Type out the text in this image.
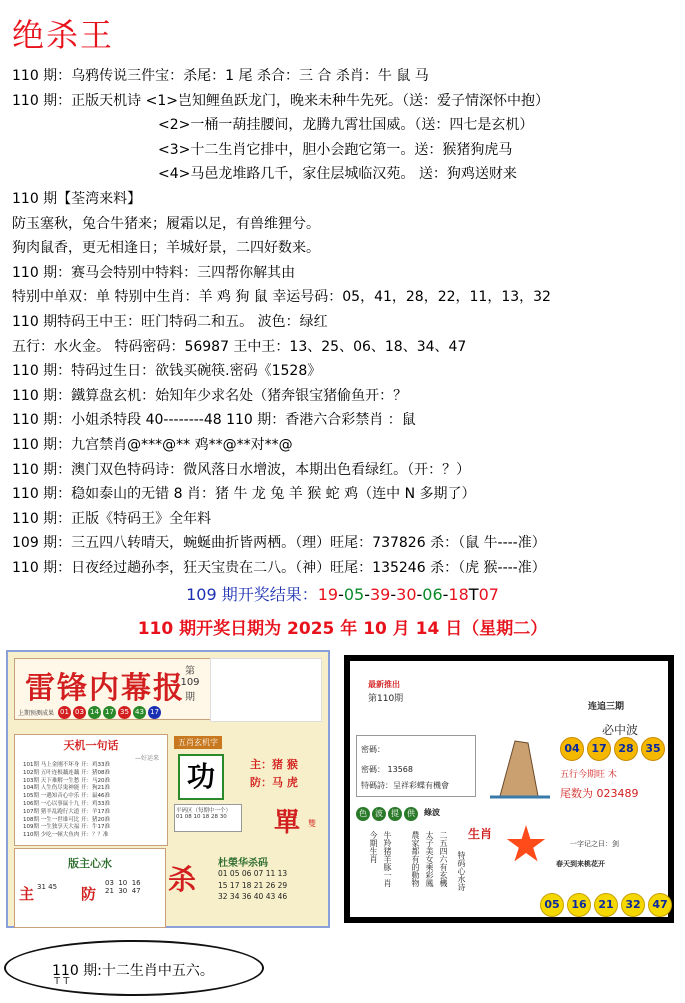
绝杀王
110 期：乌鸦传说三件宝：杀尾：1 尾 杀合：三 合 杀肖：牛 鼠 马
110 期：正版天机诗 <1>岂知鲤鱼跃龙门，晚来未种牛先死。（送：爱子情深怀中抱）
<2>一桶一葫挂腰间，龙腾九霄壮国威。（送：四七是玄机）
<3>十二生肖它排中，胆小会跑它第一。送：猴猪狗虎马
<4>马邑龙堆路几千，家住层城临汉苑。 送：狗鸡送财来
110 期【荃湾来料】
防玉塞秋，兔合牛猪来；履霜以足，有兽维狸兮。
狗肉鼠香，更无相逢日；羊城好景，二四好数来。
110 期：赛马会特别中特料：三四帮你解其由
特别中单双：单 特别中生肖：羊 鸡 狗 鼠 幸运号码：05，41，28，22，11，13，32
110 期特码王中王：旺门特码二和五。 波色：绿红
五行：水火金。 特码密码：56987 王中王：13、25、06、18、34、47
110 期：特码过生日：欲钱买碗筷.密码《1528》
110 期：鐵算盘玄机：始知年少求名处（猪奔银宝猪偷鱼开：？
110 期：小姐杀特段 40--------48 110 期：香港六合彩禁肖 ：鼠
110 期：九宫禁肖@***@** 鸡**@**对**@
110 期：澳门双色特码诗：微风落日水增波，本期出色看绿红。（开：？）
110 期：稳如泰山的无错 8 肖：猪 牛 龙 兔 羊 猴 蛇 鸡（连中 N 多期了）
110 期：正版《特码王》全年料
109 期：三五四八转晴天，蜿蜒曲折皆两栖。（理）旺尾：737826 杀：（鼠 牛----准）
110 期：日夜经过趟孙李，狂天宝贵在二八。（神）旺尾：135246 杀：（虎 猴----准）
109 期开奖结果：19-05-39-30-06-18T07
110 期开奖日期为 2025 年 10 月 14 日（星期二）
雷锋内幕报 第109期
上期预测成果 01 03 14 17 35 43 17
天机一句话
—好运来
101期 马上金刚不坏身 开：鸡33准
102期 五叶连根藕连藕 开：猪08准
103期 天下难解一生愁 开：马20准
104期 人生伤尽鬼神能 开：狗21准
105期 一遇知音心中乐 开：鼠46准
106期 一心以事鼠十九 开：鸡33准
107期 猪羊乱跑行大道 开：羊17准
108期 一生一世谁可比 开：猪20准
109期 一生独享天大福 开：牛17准
110期 少吃一顿大鱼肉 开：？？准
五肖玄机字
功	主：猪 猴
防：马 虎
平码区（每期中一个）
01 08 10 18 28 30	單 雙
版主心水
主 31 45 防
03  10  16
21  30  47 杀 杜榮华杀码
01 05 06 07 11 13
15 17 18 21 26 29
32 34 36 40 43 46
最新推出
第110期
连追三期
必中波
04	17	28	35
密碼：
密碼： 13568
特碼詩：呈祥彩蝶有機會
五行今期旺 木
尾数为 023489
色	波	提	供	綠波
今期生肖 牛羚猪羊豚一肖 農家都有的動物 太子美女乘彩鳳 二五四六有玄機 特码心水诗
生肖
一字记之曰：剑
春天到来桃花开
05	16	21	32	47
110 期:十二生肖中五六。
T T
